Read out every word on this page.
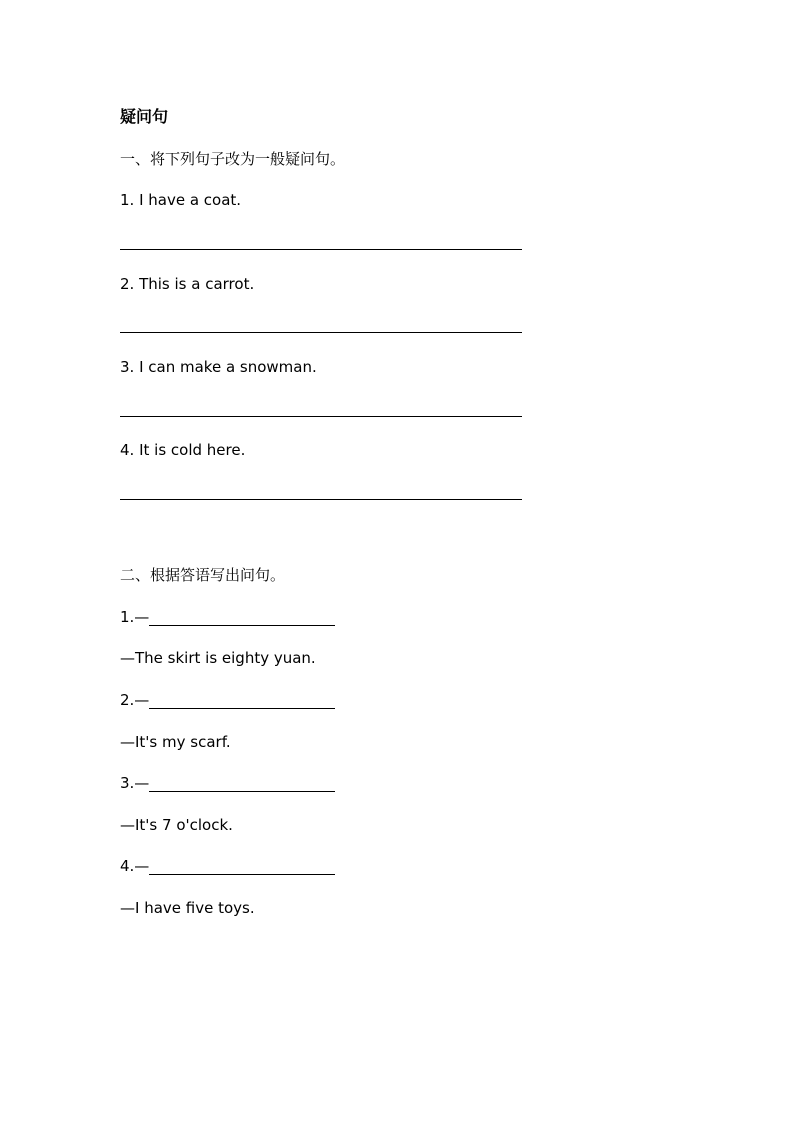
疑问句
一、将下列句子改为一般疑问句。
1. I have a coat.
2. This is a carrot.
3. I can make a snowman.
4. It is cold here.
二、根据答语写出问句。
1.—
—The skirt is eighty yuan.
2.—
—It's my scarf.
3.—
—It's 7 o'clock.
4.—
—I have five toys.
